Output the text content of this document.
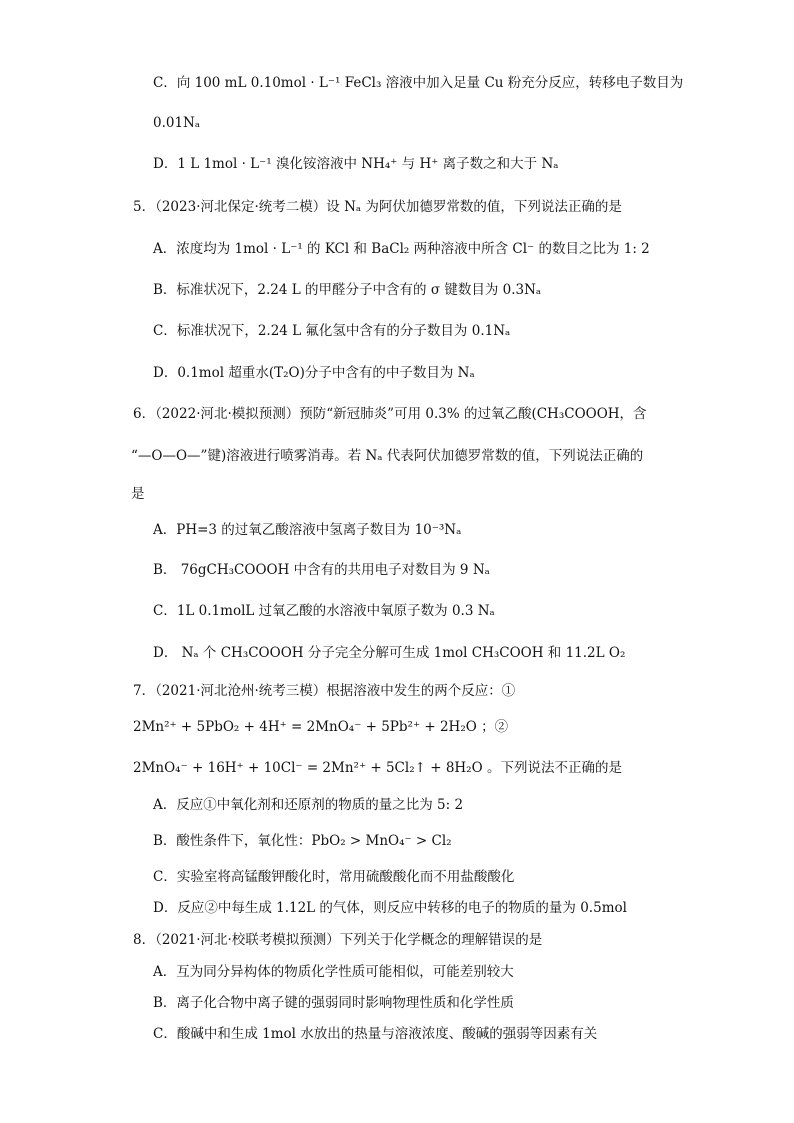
C．向 100 mL 0.10mol · L⁻¹ FeCl₃ 溶液中加入足量 Cu 粉充分反应，转移电子数目为
0.01Nₐ
D．1 L 1mol · L⁻¹ 溴化铵溶液中 NH₄⁺ 与 H⁺ 离子数之和大于 Nₐ
5．（2023·河北保定·统考二模）设 Nₐ 为阿伏加德罗常数的值，下列说法正确的是
A．浓度均为 1mol · L⁻¹ 的 KCl 和 BaCl₂ 两种溶液中所含 Cl⁻ 的数目之比为 1: 2
B．标准状况下，2.24 L 的甲醛分子中含有的 σ 键数目为 0.3Nₐ
C．标准状况下，2.24 L 氟化氢中含有的分子数目为 0.1Nₐ
D．0.1mol 超重水(T₂O)分子中含有的中子数目为 Nₐ
6．（2022·河北·模拟预测）预防“新冠肺炎”可用 0.3% 的过氧乙酸(CH₃COOOH，含
“—O—O—”键)溶液进行喷雾消毒。若 Nₐ 代表阿伏加德罗常数的值，下列说法正确的
是
A．PH=3 的过氧乙酸溶液中氢离子数目为 10⁻³Nₐ
B． 76gCH₃COOOH 中含有的共用电子对数目为 9 Nₐ
C．1L 0.1molL 过氧乙酸的水溶液中氧原子数为 0.3 Nₐ
D． Nₐ 个 CH₃COOOH 分子完全分解可生成 1mol CH₃COOH 和 11.2L O₂
7．（2021·河北沧州·统考三模）根据溶液中发生的两个反应：①
2Mn²⁺ + 5PbO₂ + 4H⁺ = 2MnO₄⁻ + 5Pb²⁺ + 2H₂O ；②
2MnO₄⁻ + 16H⁺ + 10Cl⁻ = 2Mn²⁺ + 5Cl₂↑ + 8H₂O 。下列说法不正确的是
A．反应①中氧化剂和还原剂的物质的量之比为 5: 2
B．酸性条件下，氧化性：PbO₂ > MnO₄⁻ > Cl₂
C．实验室将高锰酸钾酸化时，常用硫酸酸化而不用盐酸酸化
D．反应②中每生成 1.12L 的气体，则反应中转移的电子的物质的量为 0.5mol
8．（2021·河北·校联考模拟预测）下列关于化学概念的理解错误的是
A．互为同分异构体的物质化学性质可能相似，可能差别较大
B．离子化合物中离子键的强弱同时影响物理性质和化学性质
C．酸碱中和生成 1mol 水放出的热量与溶液浓度、酸碱的强弱等因素有关
